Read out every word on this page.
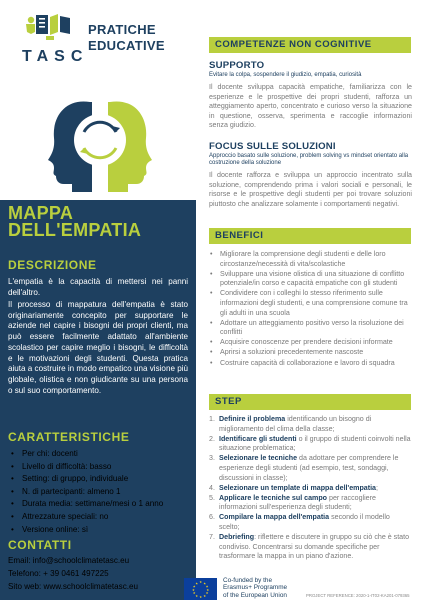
TASC
PRATICHE
EDUCATIVE
MAPPA
DELL'EMPATIA
DESCRIZIONE
L'empatia è la capacità di mettersi nei panni dell'altro.
Il processo di mappatura dell'empatia è stato originariamente concepito per supportare le aziende nel capire i bisogni dei propri clienti, ma può essere facilmente adattato all'ambiente scolastico per capire meglio i bisogni, le difficoltà e le motivazioni degli studenti. Questa pratica aiuta a costruire in modo empatico una visione più globale, olistica e non giudicante su una persona o sul suo comportamento.
CARATTERISTICHE
• Per chi: docenti
• Livello di difficoltà: basso
• Setting: di gruppo, individuale
• N. di partecipanti: almeno 1
• Durata media: settimane/mesi o 1 anno
• Attrezzature speciali: no
• Versione online: sì
CONTATTI
Email: info@schoolclimatetasc.eu
Telefono: + 39 0461 497225
Sito web: www.schoolclimatetasc.eu
COMPETENZE NON COGNITIVE
SUPPORTO
Evitare la colpa, sospendere il giudizio, empatia, curiosità
Il docente sviluppa capacità empatiche, familiarizza con le esperienze e le prospettive dei propri studenti, rafforza un atteggiamento aperto, concentrato e curioso verso la situazione in questione, osserva, sperimenta e raccoglie informazioni senza giudizio.
FOCUS SULLE SOLUZIONI
Approccio basato sulle soluzione, problem solving vs mindset orientato alla costruzione della soluzione
Il docente rafforza e sviluppa un approccio incentrato sulla soluzione, comprendendo prima i valori sociali e personali, le risorse e le prospettive degli studenti per poi trovare soluzioni piuttosto che analizzare solamente i comportamenti negativi.
BENEFICI
• Migliorare la comprensione degli studenti e delle loro circostanze/necessità di vita/scolastiche
• Sviluppare una visione olistica di una situazione di conflitto potenziale/in corso e capacità empatiche con gli studenti
• Condividere con i colleghi lo stesso riferimento sulle informazioni degli studenti, e una comprensione comune tra gli adulti in una scuola
• Adottare un atteggiamento positivo verso la risoluzione dei conflitti
• Acquisire conoscenze per prendere decisioni informate
• Aprirsi a soluzioni precedentemente nascoste
• Costruire capacità di collaborazione e lavoro di squadra
STEP
1. Definire il problema identificando un bisogno di miglioramento del clima della classe;
2. Identificare gli studenti o il gruppo di studenti coinvolti nella situazione problematica;
3. Selezionare le tecniche da adottare per comprendere le esperienze degli studenti (ad esempio, test, sondaggi, discussioni in classe);
4. Selezionare un template di mappa dell'empatia;
5. Applicare le tecniche sul campo per raccogliere informazioni sull'esperienza degli studenti;
6. Compilare la mappa dell'empatia secondo il modello scelto;
7. Debriefing: riflettere e discutere in gruppo su ciò che è stato condiviso. Concentrarsi su domande specifiche per trasformare la mappa in un piano d'azione.
★ ★
★
★
★
★
★
★
★
★
★
★	Co-funded by the
Erasmus+ Programme
of the European Union	PROJECT REFERENCE: 2020-1-IT02-KA201-079365
